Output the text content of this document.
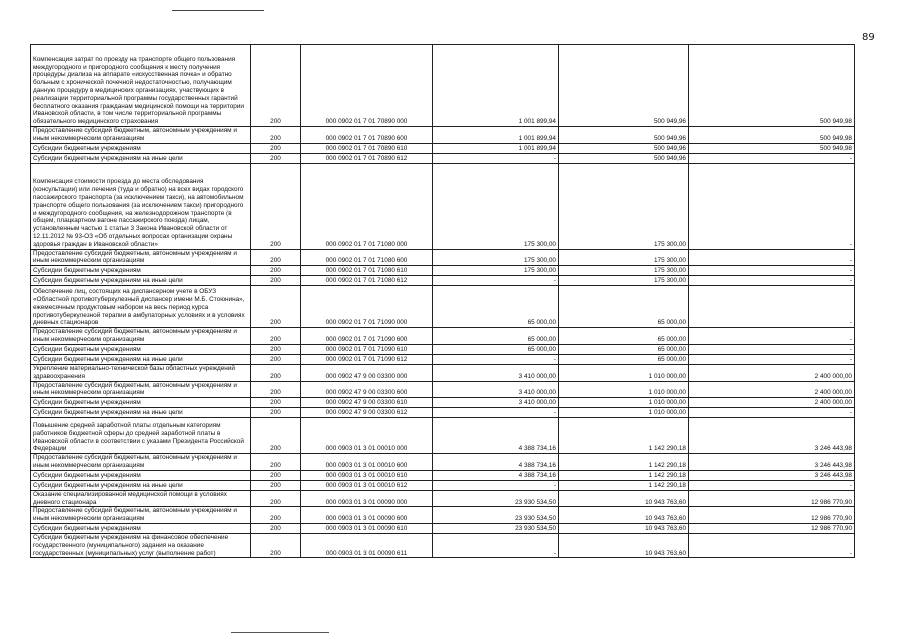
89
Компенсация затрат по проезду на транспорте общего пользования междугородного и пригородного сообщения к месту получения процедуры диализа на аппарате «искусственная почка» и обратно больным с хронической почечной недостаточностью, получающим данную процедуру в медицинских организациях, участвующих в реализации территориальной программы государственных гарантий бесплатного оказания гражданам медицинской помощи на территории Ивановской области, в том числе территориальной программы обязательного медицинского страхования	200	000 0902 01 7 01 70890 000	1 001 899,94	500 949,96	500 949,98
Предоставление субсидий бюджетным, автономным учреждениям и иным некоммерческим организациям	200	000 0902 01 7 01 70890 600	1 001 899,94	500 949,96	500 949,98
Субсидии бюджетным учреждениям	200	000 0902 01 7 01 70890 610	1 001 899,94	500 949,96	500 949,98
Субсидии бюджетным учреждениям на иные цели	200	000 0902 01 7 01 70890 612	-	500 949,96	-
Компенсация стоимости проезда до места обследования (консультации) или лечения (туда и обратно) на всех видах городского пассажирского транспорта (за исключением такси), на автомобильном транспорте общего пользования (за исключением такси) пригородного и междугородного сообщения, на железнодорожном транспорте (в общем, плацкартном вагоне пассажирского поезда) лицам, установленным частью 1 статьи 3 Закона Ивановской области от 12.11.2012 № 93-ОЗ «Об отдельных вопросах организации охраны здоровья граждан в Ивановской области»	200	000 0902 01 7 01 71080 000	175 300,00	175 300,00	-
Предоставление субсидий бюджетным, автономным учреждениям и иным некоммерческим организациям	200	000 0902 01 7 01 71080 600	175 300,00	175 300,00	-
Субсидии бюджетным учреждениям	200	000 0902 01 7 01 71080 610	175 300,00	175 300,00	-
Субсидии бюджетным учреждениям на иные цели	200	000 0902 01 7 01 71080 612	-	175 300,00	-
Обеспечение лиц, состоящих на диспансерном учете в ОБУЗ «Областной противотуберкулезный диспансер имени М.Б. Стоюнина», ежемесячным продуктовым набором на весь период курса противотуберкулезной терапии в амбулаторных условиях и в условиях дневных стационаров	200	000 0902 01 7 01 71090 000	65 000,00	65 000,00	-
Предоставление субсидий бюджетным, автономным учреждениям и иным некоммерческим организациям	200	000 0902 01 7 01 71090 600	65 000,00	65 000,00	-
Субсидии бюджетным учреждениям	200	000 0902 01 7 01 71090 610	65 000,00	65 000,00	-
Субсидии бюджетным учреждениям на иные цели	200	000 0902 01 7 01 71090 612	-	65 000,00	-
Укрепление материально-технической базы областных учреждений здравоохранения	200	000 0902 47 9 00 03300 000	3 410 000,00	1 010 000,00	2 400 000,00
Предоставление субсидий бюджетным, автономным учреждениям и иным некоммерческим организациям	200	000 0902 47 9 00 03300 600	3 410 000,00	1 010 000,00	2 400 000,00
Субсидии бюджетным учреждениям	200	000 0902 47 9 00 03300 610	3 410 000,00	1 010 000,00	2 400 000,00
Субсидии бюджетным учреждениям на иные цели	200	000 0902 47 9 00 03300 612	-	1 010 000,00	-
Повышение средней заработной платы отдельным категориям работников бюджетной сферы до средней заработной платы в Ивановской области в соответствии с указами Президента Российской Федерации	200	000 0903 01 3 01 00010 000	4 388 734,16	1 142 290,18	3 246 443,98
Предоставление субсидий бюджетным, автономным учреждениям и иным некоммерческим организациям	200	000 0903 01 3 01 00010 600	4 388 734,16	1 142 290,18	3 246 443,98
Субсидии бюджетным учреждениям	200	000 0903 01 3 01 00010 610	4 388 734,16	1 142 290,18	3 246 443,98
Субсидии бюджетным учреждениям на иные цели	200	000 0903 01 3 01 00010 612	-	1 142 290,18	-
Оказание специализированной медицинской помощи в условиях дневного стационара	200	000 0903 01 3 01 00090 000	23 930 534,50	10 943 763,60	12 986 770,90
Предоставление субсидий бюджетным, автономным учреждениям и иным некоммерческим организациям	200	000 0903 01 3 01 00090 600	23 930 534,50	10 943 763,60	12 986 770,90
Субсидии бюджетным учреждениям	200	000 0903 01 3 01 00090 610	23 930 534,50	10 943 763,60	12 986 770,90
Субсидии бюджетным учреждениям на финансовое обеспечение государственного (муниципального) задания на оказание государственных (муниципальных) услуг (выполнение работ)	200	000 0903 01 3 01 00090 611	-	10 943 763,60	-
